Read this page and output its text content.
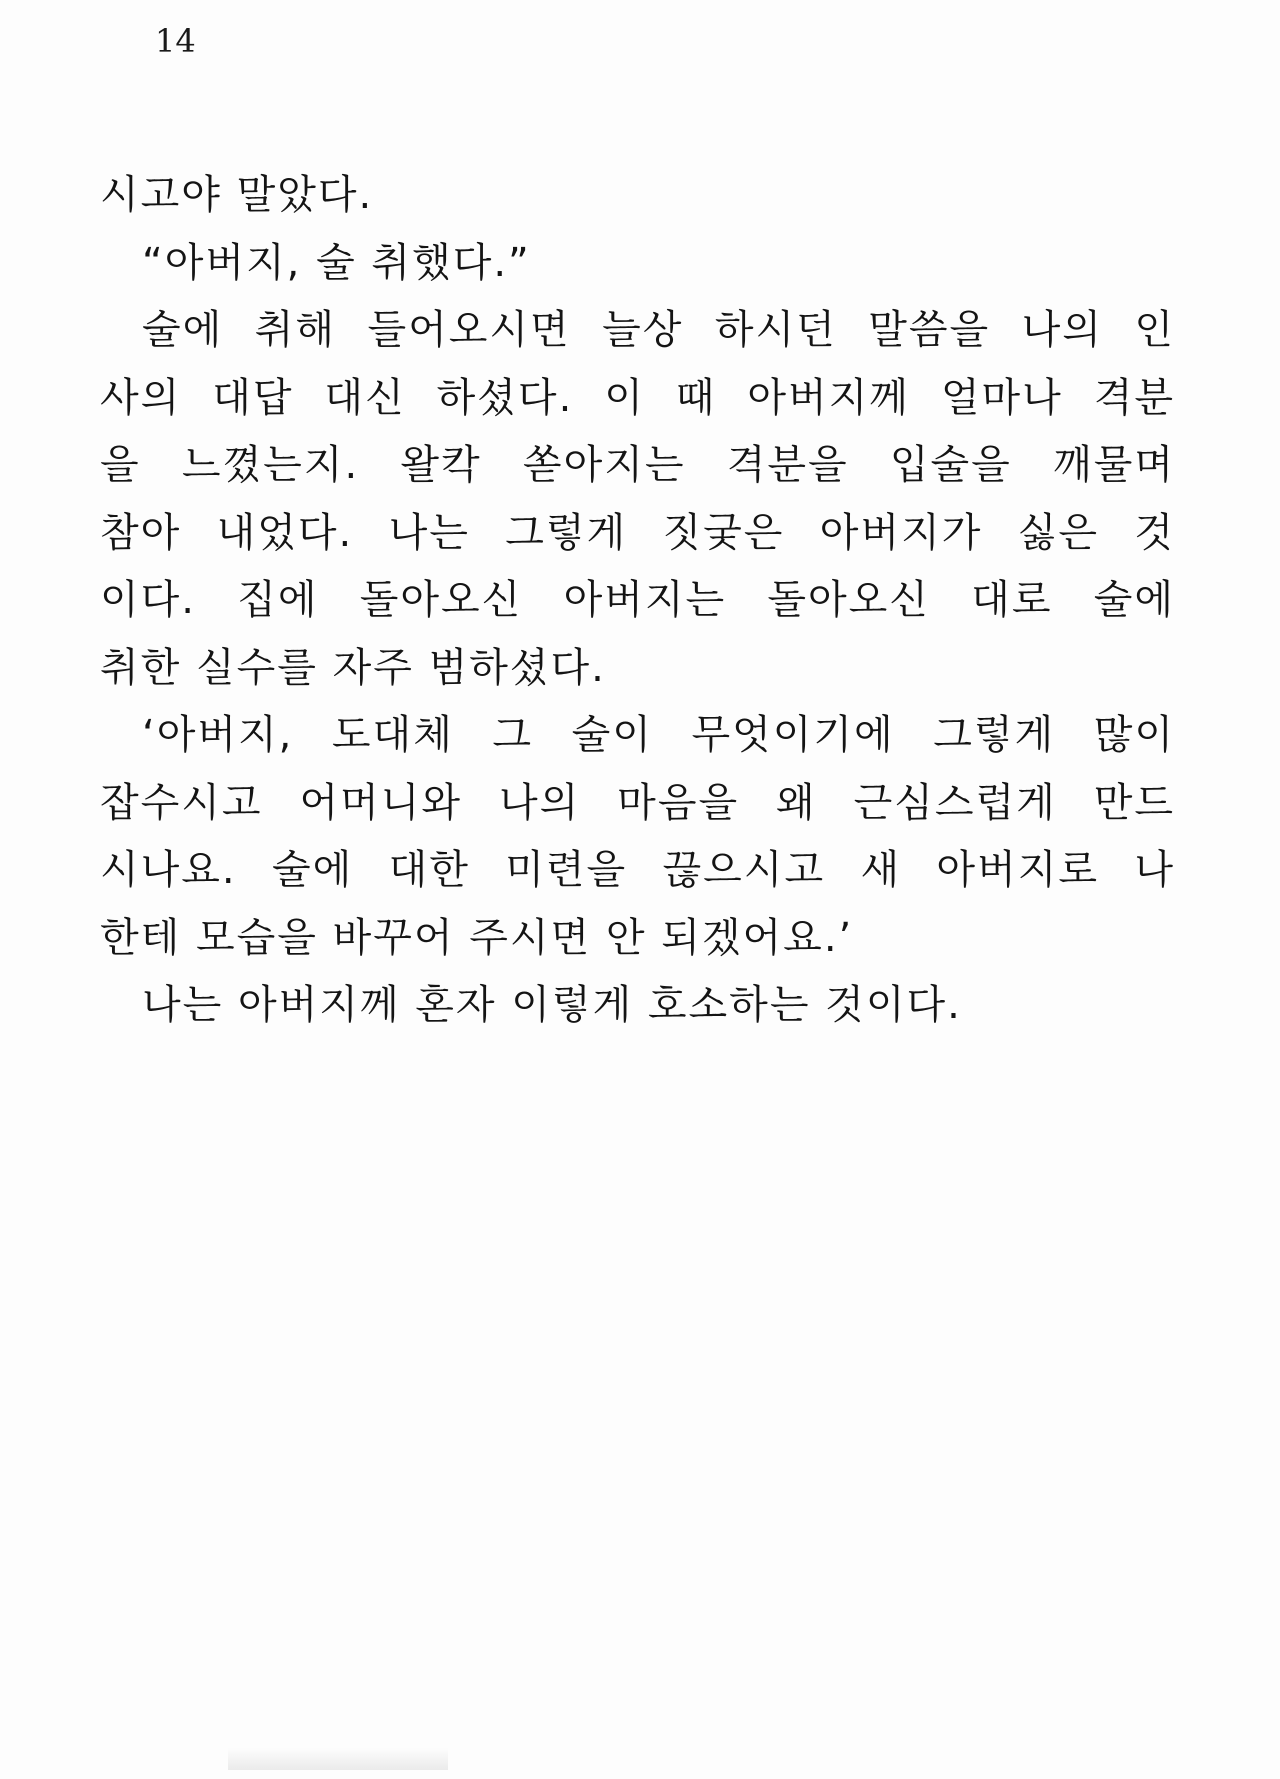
14
시고야 말았다.
“아버지, 술 취했다.”
술에 취해 들어오시면 늘상 하시던 말씀을 나의 인
사의 대답 대신 하셨다. 이 때 아버지께 얼마나 격분
을 느꼈는지. 왈칵 쏟아지는 격분을 입술을 깨물며
참아 내었다. 나는 그렇게 짓궂은 아버지가 싫은 것
이다. 집에 돌아오신 아버지는 돌아오신 대로 술에
취한 실수를 자주 범하셨다.
‘아버지, 도대체 그 술이 무엇이기에 그렇게 많이
잡수시고 어머니와 나의 마음을 왜 근심스럽게 만드
시나요. 술에 대한 미련을 끊으시고 새 아버지로 나
한테 모습을 바꾸어 주시면 안 되겠어요.’
나는 아버지께 혼자 이렇게 호소하는 것이다.
